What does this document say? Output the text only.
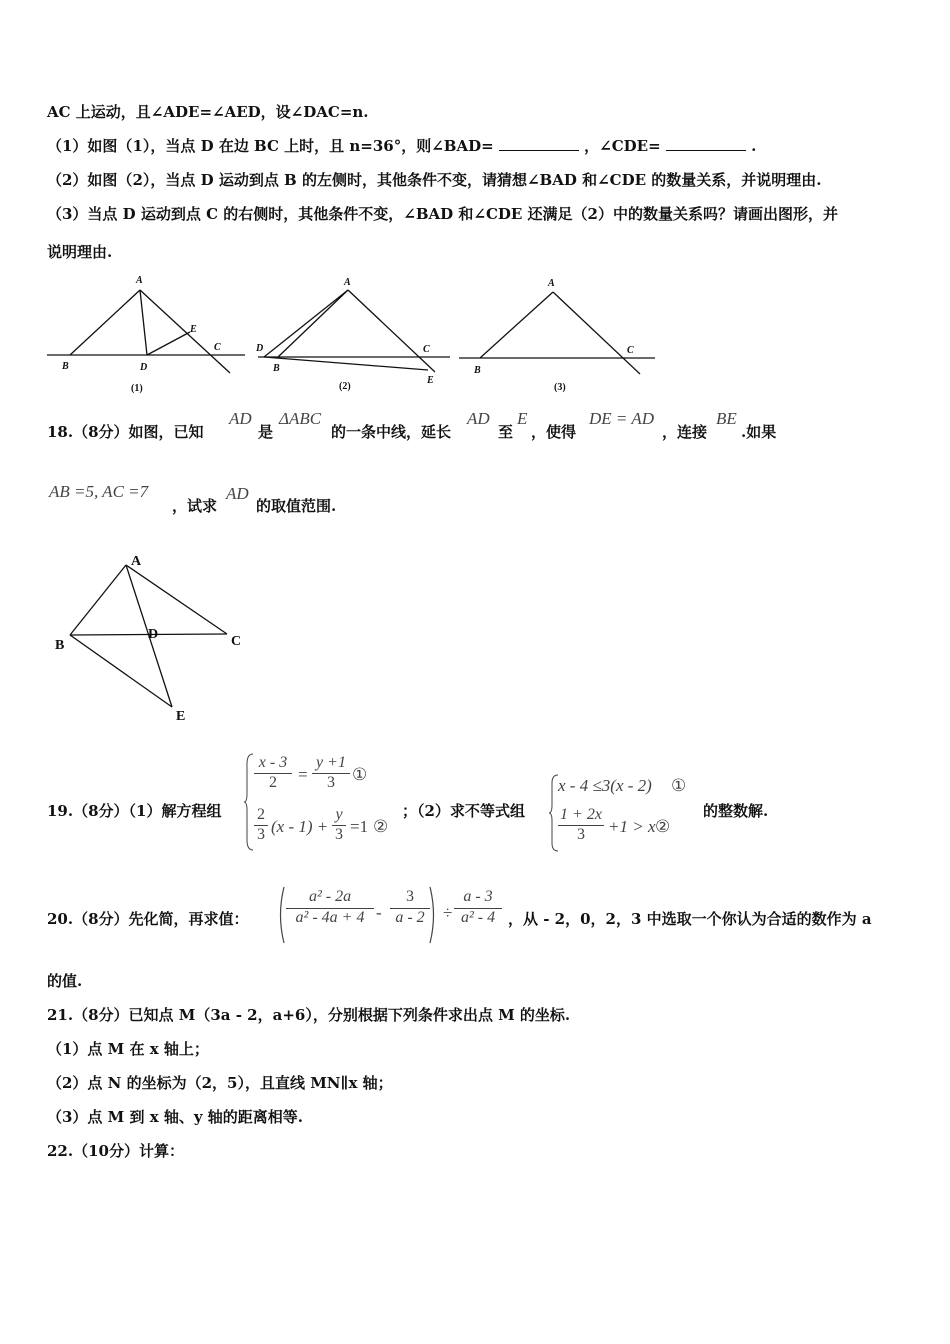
AC 上运动，且∠ADE=∠AED，设∠DAC=n.
（1）如图（1），当点 D 在边 BC 上时，且 n=36°，则∠BAD=	，∠CDE=	.
（2）如图（2），当点 D 运动到点 B 的左侧时，其他条件不变，请猜想∠BAD 和∠CDE 的数量关系，并说明理由.
（3）当点 D 运动到点 C 的右侧时，其他条件不变，∠BAD 和∠CDE 还满足（2）中的数量关系吗？请画出图形，并
说明理由.
A
B	D
E
C
A
D
B
C
E
A
B
C
(1)	(2)	(3)
18.（8分）如图，已知
AD
是
ΔABC
的一条中线，延长
AD
至
E
，使得
DE = AD
，连接
BE
.如果
AB =5, AC =7
，试求
AD
的取值范围.
A
B
D	C
E
19.（8分）（1）解方程组
$\frac{x - 3}{2} = \frac{y +1}{3}$ ①
$\frac{2}{3} (x - 1) + \frac{y}{3} =1$ ②
；（2）求不等式组
x - 4 ≤3(x - 2) ①
$\frac{1 + 2x}{3} +1 > x$ ②
的整数解.
20.（8分）先化简，再求值： $\frac{\text{a² - 2a}}{\text{a² - 4a + 4}} - \frac{3}{a - 2} \div \frac{a - 3}{\text{a² - 4}}$ ，从 - 2，0，2，3 中选取一个你认为合适的数作为 a
的值.
21.（8分）已知点 M（3a - 2，a+6），分别根据下列条件求出点 M 的坐标.
（1）点 M 在 x 轴上；
（2）点 N 的坐标为（2，5），且直线 MN∥x 轴；
（3）点 M 到 x 轴、y 轴的距离相等.
22.（10分）计算：
